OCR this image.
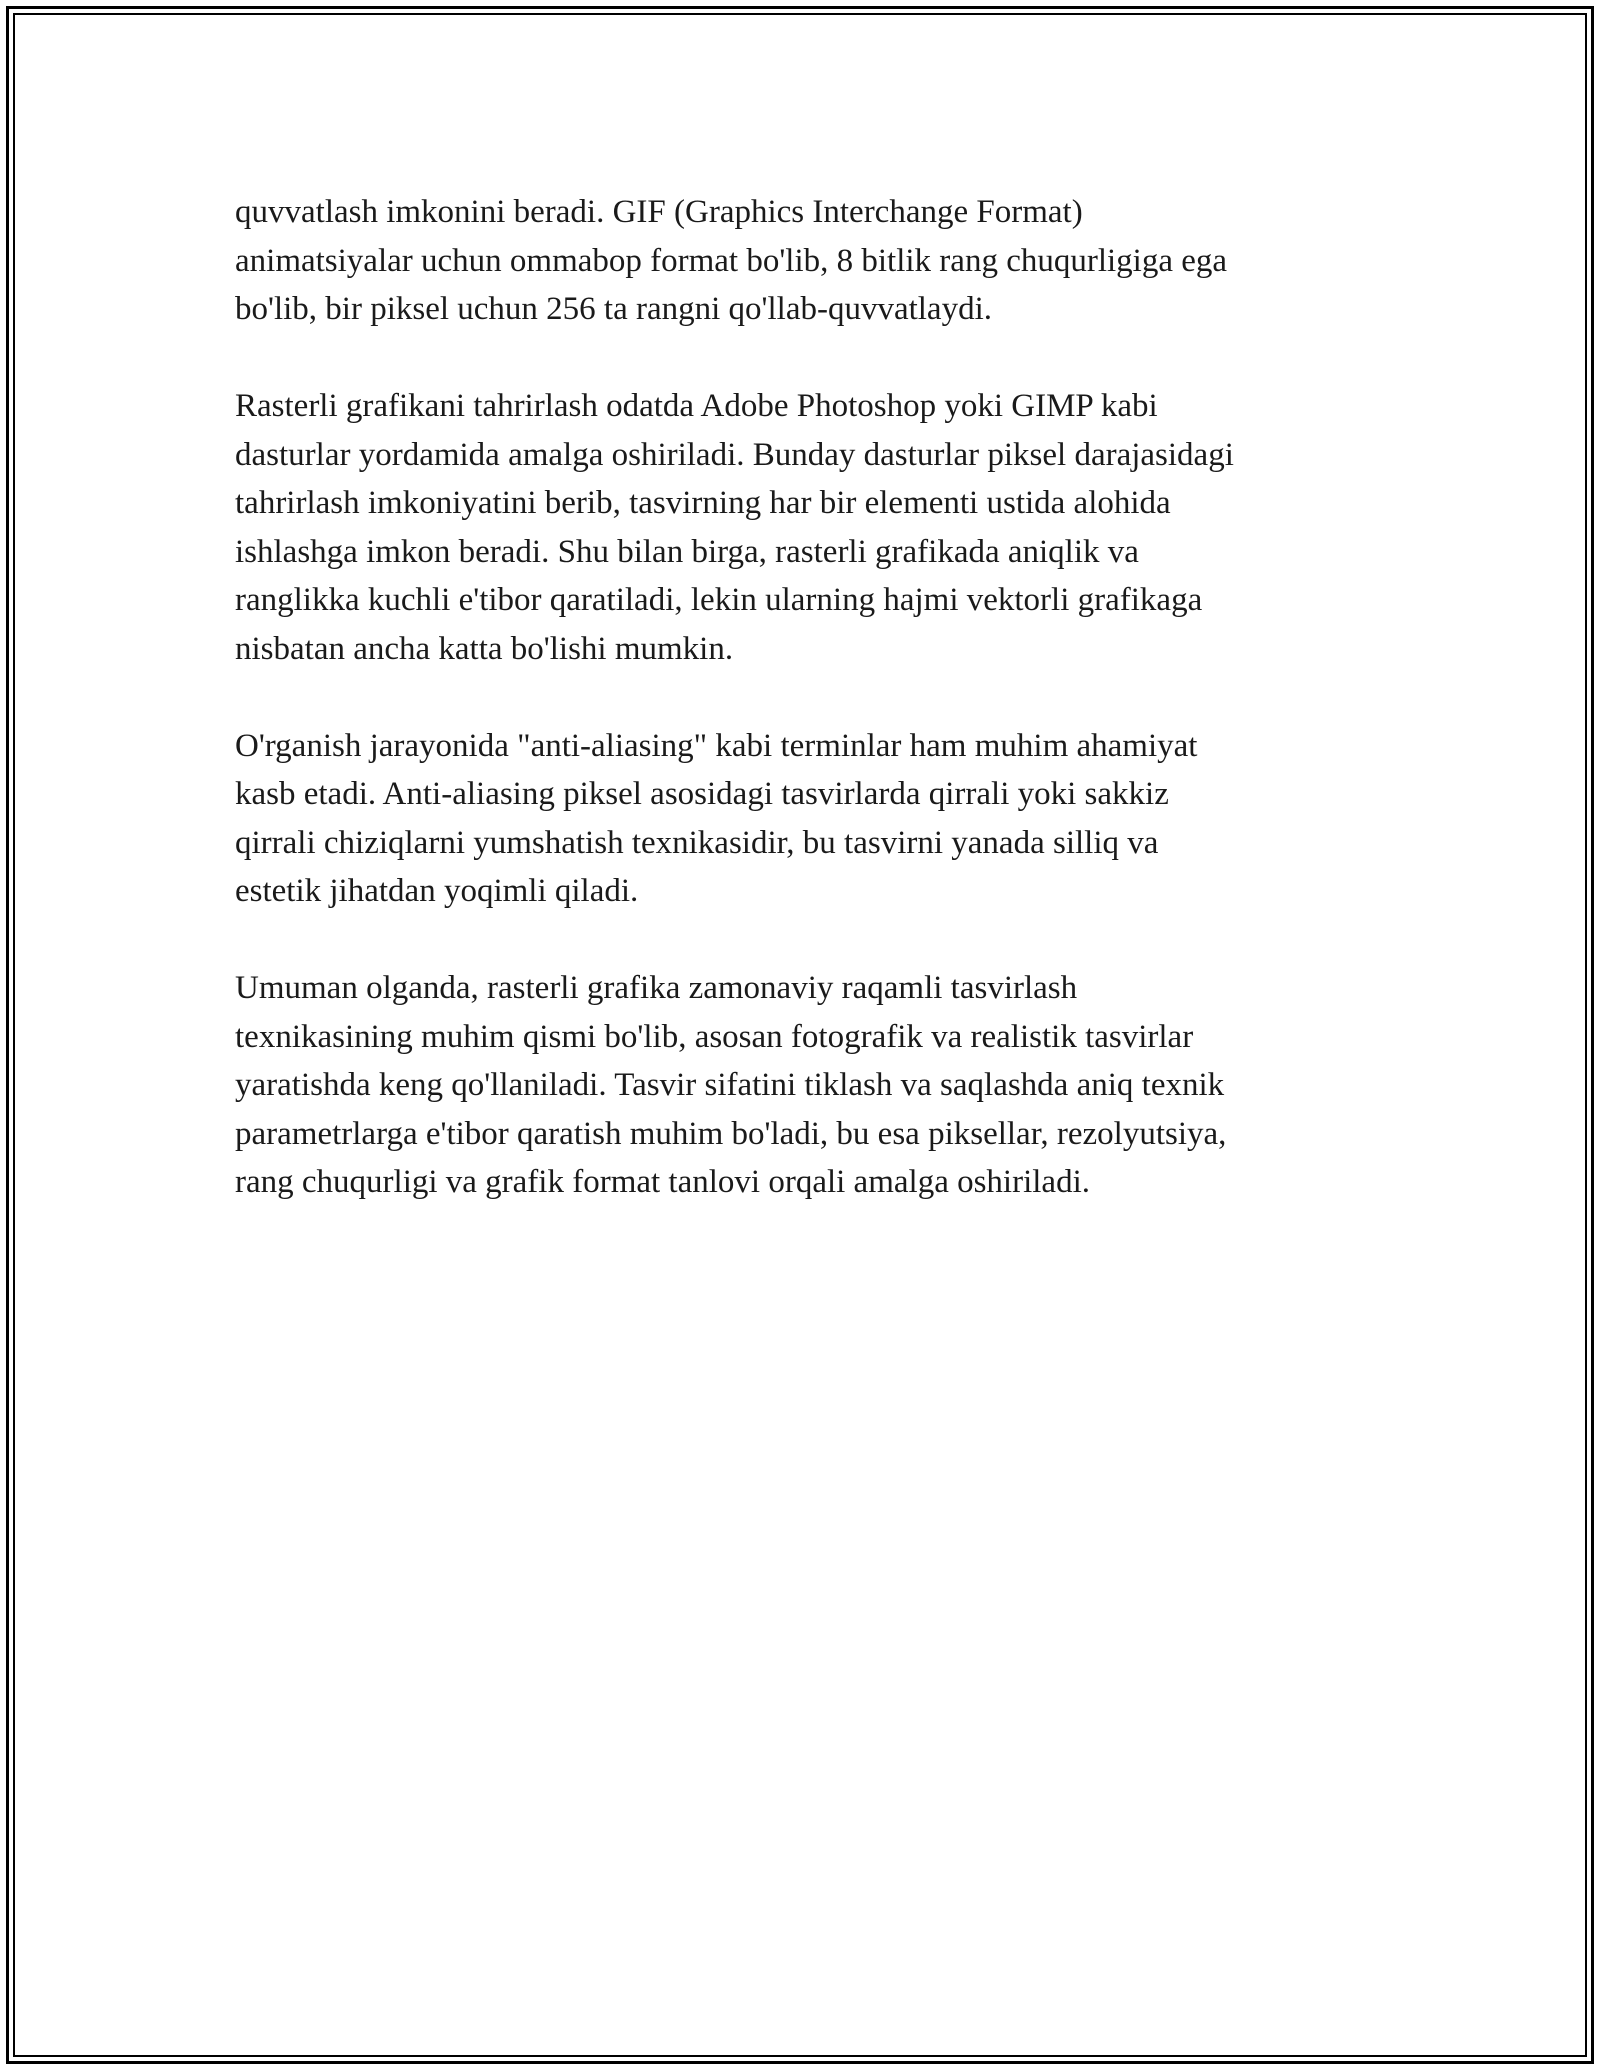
quvvatlash imkonini beradi. GIF (Graphics Interchange Format)
animatsiyalar uchun ommabop format bo'lib, 8 bitlik rang chuqurligiga ega
bo'lib, bir piksel uchun 256 ta rangni qo'llab-quvvatlaydi.

Rasterli grafikani tahrirlash odatda Adobe Photoshop yoki GIMP kabi
dasturlar yordamida amalga oshiriladi. Bunday dasturlar piksel darajasidagi
tahrirlash imkoniyatini berib, tasvirning har bir elementi ustida alohida
ishlashga imkon beradi. Shu bilan birga, rasterli grafikada aniqlik va
ranglikka kuchli e'tibor qaratiladi, lekin ularning hajmi vektorli grafikaga
nisbatan ancha katta bo'lishi mumkin.

O'rganish jarayonida "anti-aliasing" kabi terminlar ham muhim ahamiyat
kasb etadi. Anti-aliasing piksel asosidagi tasvirlarda qirrali yoki sakkiz
qirrali chiziqlarni yumshatish texnikasidir, bu tasvirni yanada silliq va
estetik jihatdan yoqimli qiladi.

Umuman olganda, rasterli grafika zamonaviy raqamli tasvirlash
texnikasining muhim qismi bo'lib, asosan fotografik va realistik tasvirlar
yaratishda keng qo'llaniladi. Tasvir sifatini tiklash va saqlashda aniq texnik
parametrlarga e'tibor qaratish muhim bo'ladi, bu esa piksellar, rezolyutsiya,
rang chuqurligi va grafik format tanlovi orqali amalga oshiriladi.
